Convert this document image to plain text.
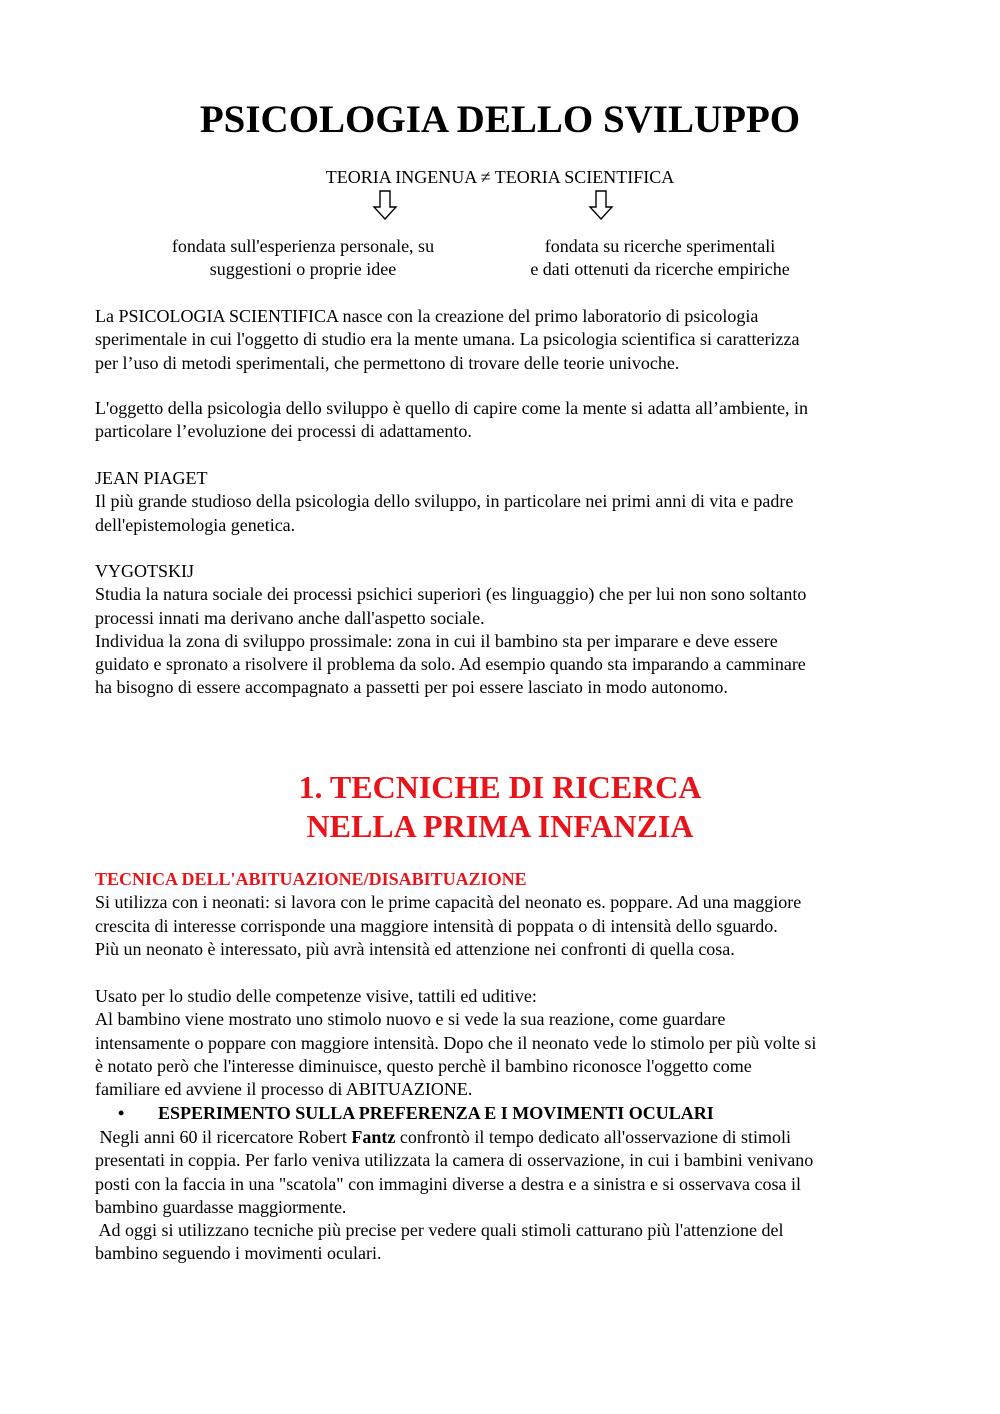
PSICOLOGIA DELLO SVILUPPO
TEORIA INGENUA ≠ TEORIA SCIENTIFICA
fondata sull'esperienza personale, su
suggestioni o proprie idee
fondata su ricerche sperimentali
e dati ottenuti da ricerche empiriche
La PSICOLOGIA SCIENTIFICA nasce con la creazione del primo laboratorio di psicologia
sperimentale in cui l'oggetto di studio era la mente umana. La psicologia scientifica si caratterizza
per l’uso di metodi sperimentali, che permettono di trovare delle teorie univoche.
L'oggetto della psicologia dello sviluppo è quello di capire come la mente si adatta all’ambiente, in
particolare l’evoluzione dei processi di adattamento.
JEAN PIAGET
Il più grande studioso della psicologia dello sviluppo, in particolare nei primi anni di vita e padre
dell'epistemologia genetica.
VYGOTSKIJ
Studia la natura sociale dei processi psichici superiori (es linguaggio) che per lui non sono soltanto
processi innati ma derivano anche dall'aspetto sociale.
Individua la zona di sviluppo prossimale: zona in cui il bambino sta per imparare e deve essere
guidato e spronato a risolvere il problema da solo. Ad esempio quando sta imparando a camminare
ha bisogno di essere accompagnato a passetti per poi essere lasciato in modo autonomo.
1. TECNICHE DI RICERCA
NELLA PRIMA INFANZIA
TECNICA DELL'ABITUAZIONE/DISABITUAZIONE
Si utilizza con i neonati: si lavora con le prime capacità del neonato es. poppare. Ad una maggiore
crescita di interesse corrisponde una maggiore intensità di poppata o di intensità dello sguardo.
Più un neonato è interessato, più avrà intensità ed attenzione nei confronti di quella cosa.
Usato per lo studio delle competenze visive, tattili ed uditive:
Al bambino viene mostrato uno stimolo nuovo e si vede la sua reazione, come guardare
intensamente o poppare con maggiore intensità. Dopo che il neonato vede lo stimolo per più volte si
è notato però che l'interesse diminuisce, questo perchè il bambino riconosce l'oggetto come
familiare ed avviene il processo di ABITUAZIONE.
• ESPERIMENTO SULLA PREFERENZA E I MOVIMENTI OCULARI
Negli anni 60 il ricercatore Robert Fantz confrontò il tempo dedicato all'osservazione di stimoli
presentati in coppia. Per farlo veniva utilizzata la camera di osservazione, in cui i bambini venivano
posti con la faccia in una "scatola" con immagini diverse a destra e a sinistra e si osservava cosa il
bambino guardasse maggiormente.
Ad oggi si utilizzano tecniche più precise per vedere quali stimoli catturano più l'attenzione del
bambino seguendo i movimenti oculari.
